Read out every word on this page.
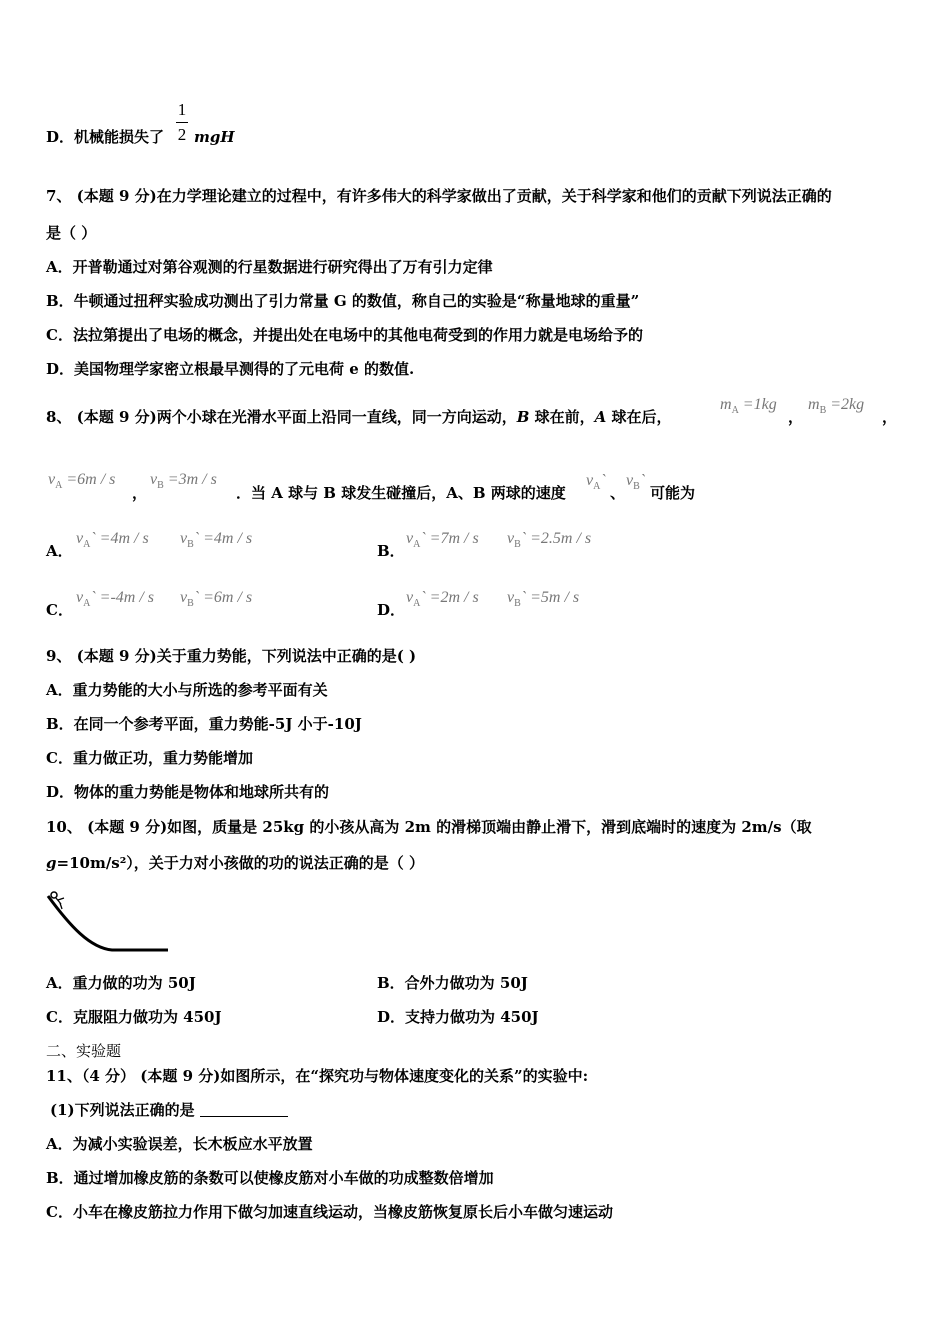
D．机械能损失了
1
2 mgH
7、 (本题 9 分)在力学理论建立的过程中，有许多伟大的科学家做出了贡献，关于科学家和他们的贡献下列说法正确的
是（ ）
A．开普勒通过对第谷观测的行星数据进行研究得出了万有引力定律
B．牛顿通过扭秤实验成功测出了引力常量 G 的数值，称自己的实验是“称量地球的重量”
C．法拉第提出了电场的概念，并提出处在电场中的其他电荷受到的作用力就是电场给予的
D．美国物理学家密立根最早测得的了元电荷 e 的数值.
8、 (本题 9 分)两个小球在光滑水平面上沿同一直线，同一方向运动，B 球在前，A 球在后，
$m_A =1kg$
，
$m_B =2kg$
，
$v_A =6m / s$
，
$v_B =3m / s$
．当 A 球与 B 球发生碰撞后，A、B 两球的速度
$v_A`$
、
$v_B`$
可能为
A．
$v_A` =4m / s$ $v_B` =4m / s$
B．
$v_A` =7m / s$ $v_B` =2.5m / s$
C．
$v_A` =-4m / s$ $v_B` =6m / s$
D．
$v_A` =2m / s$ $v_B` =5m / s$
9、 (本题 9 分)关于重力势能，下列说法中正确的是( )
A．重力势能的大小与所选的参考平面有关
B．在同一个参考平面，重力势能-5J 小于-10J
C．重力做正功，重力势能增加
D．物体的重力势能是物体和地球所共有的
10、 (本题 9 分)如图，质量是 25kg 的小孩从高为 2m 的滑梯顶端由静止滑下，滑到底端时的速度为 2m/s（取
g=10m/s²），关于力对小孩做的功的说法正确的是（ ）
A．重力做的功为 50J	B．合外力做功为 50J
C．克服阻力做功为 450J	D．支持力做功为 450J
二、实验题
11、（4 分） (本题 9 分)如图所示，在“探究功与物体速度变化的关系”的实验中:
(1)下列说法正确的是
A．为减小实验误差，长木板应水平放置
B．通过增加橡皮筋的条数可以使橡皮筋对小车做的功成整数倍增加
C．小车在橡皮筋拉力作用下做匀加速直线运动，当橡皮筋恢复原长后小车做匀速运动
